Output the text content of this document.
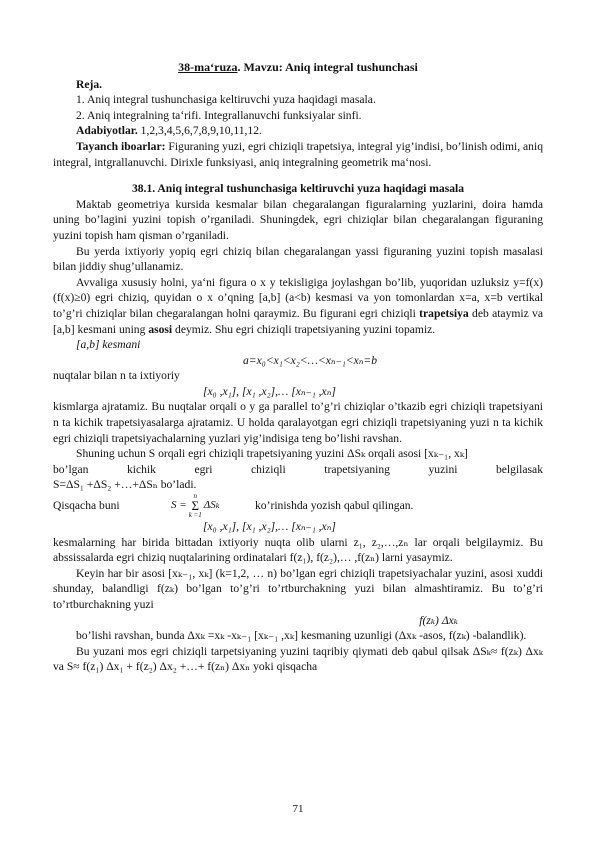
38-ma‘ruza. Mavzu: Aniq integral tushunchasi

Reja.

1. Aniq integral tushunchasiga keltiruvchi yuza haqidagi masala.

2. Aniq integralning ta‘rifi. Integrallanuvchi funksiyalar sinfi.

Adabiyotlar. 1,2,3,4,5,6,7,8,9,10,11,12.

Tayanch iboarlar: Figuraning yuzi, egri chiziqli trapetsiya, integral yig’indisi, bo’linish odimi, aniq integral, intgrallanuvchi. Dirixle funksiyasi, aniq integralning geometrik ma‘nosi.

38.1. Aniq integral tushunchasiga keltiruvchi yuza haqidagi masala

Maktab geometriya kursida kesmalar bilan chegaralangan figuralarning yuzlarini, doira hamda uning bo’lagini yuzini topish o’rganiladi. Shuningdek, egri chiziqlar bilan chegaralangan figuraning yuzini topish ham qisman o’rganiladi.

Bu yerda ixtiyoriy yopiq egri chiziq bilan chegaralangan yassi figuraning yuzini topish masalasi bilan jiddiy shug’ullanamiz.

Avvaliga xususiy holni, ya‘ni figura o x y tekisligiga joylashgan bo’lib, yuqoridan uzluksiz y=f(x) (f(x)≥0) egri chiziq, quyidan o x o’qning [a,b] (a<b) kesmasi va yon tomonlardan x=a, x=b vertikal to’g’ri chiziqlar bilan chegaralangan holni qaraymiz. Bu figurani egri chiziqli trapetsiya deb ataymiz va [a,b] kesmani uning asosi deymiz. Shu egri chiziqli trapetsiyaning yuzini topamiz.

[a,b] kesmani

a=x₀<x₁<x₂<…<xₙ₋₁<xₙ=b

nuqtalar bilan n ta ixtiyoriy

[x₀ ,x₁], [x₁ ,x₂],… [xₙ₋₁ ,xₙ]

kismlarga ajratamiz. Bu nuqtalar orqali o y ga parallel to’g’ri chiziqlar o’tkazib egri chiziqli trapetsiyani n ta kichik trapetsiyasalarga ajratamiz. U holda qaralayotgan egri chiziqli trapetsiyaning yuzi n ta kichik egri chiziqli trapetsiyachalarning yuzlari yig’indisiga teng bo’lishi ravshan.

Shuning uchun S orqali egri chiziqli trapetsiyaning yuzini ΔSₖ orqali asosi [xₖ₋₁, xₖ]

bo’lgan	kichik	egri	chiziqli	trapetsiyaning	yuzini	belgilasak

S=ΔS₁ +ΔS₂ +…+ΔSₙ bo’ladi.

Qisqacha buni	S =
n
Σ
k =1
ΔSₖ	ko’rinishda yozish qabul qilingan.

[x₀ ,x₁], [x₁ ,x₂],… [xₙ₋₁ ,xₙ]

kesmalarning har birida bittadan ixtiyoriy nuqta olib ularni z₁, z₂,…,zₙ lar orqali belgilaymiz. Bu abssissalarda egri chiziq nuqtalarining ordinatalari f(z₁), f(z₂),… ,f(zₙ) larni yasaymiz.

Keyin har bir asosi [xₖ₋₁, xₖ] (k=1,2, … n) bo’lgan egri chiziqli trapetsiyachalar yuzini, asosi xuddi shunday, balandligi f(zₖ) bo’lgan to’g’ri to’rtburchakning yuzi bilan almashtiramiz. Bu to’g’ri to’rtburchakning yuzi

f(zₖ) Δxₖ

bo’lishi ravshan, bunda Δxₖ =xₖ -xₖ₋₁ [xₖ₋₁ ,xₖ] kesmaning uzunligi (Δxₖ -asos, f(zₖ) -balandlik).

Bu yuzani mos egri chiziqli tarpetsiyaning yuzini taqribiy qiymati deb qabul qilsak ΔSₖ≈ f(zₖ) Δxₖ va S≈ f(z₁) Δx₁ + f(z₂) Δx₂ +…+ f(zₙ) Δxₙ yoki qisqacha

71
